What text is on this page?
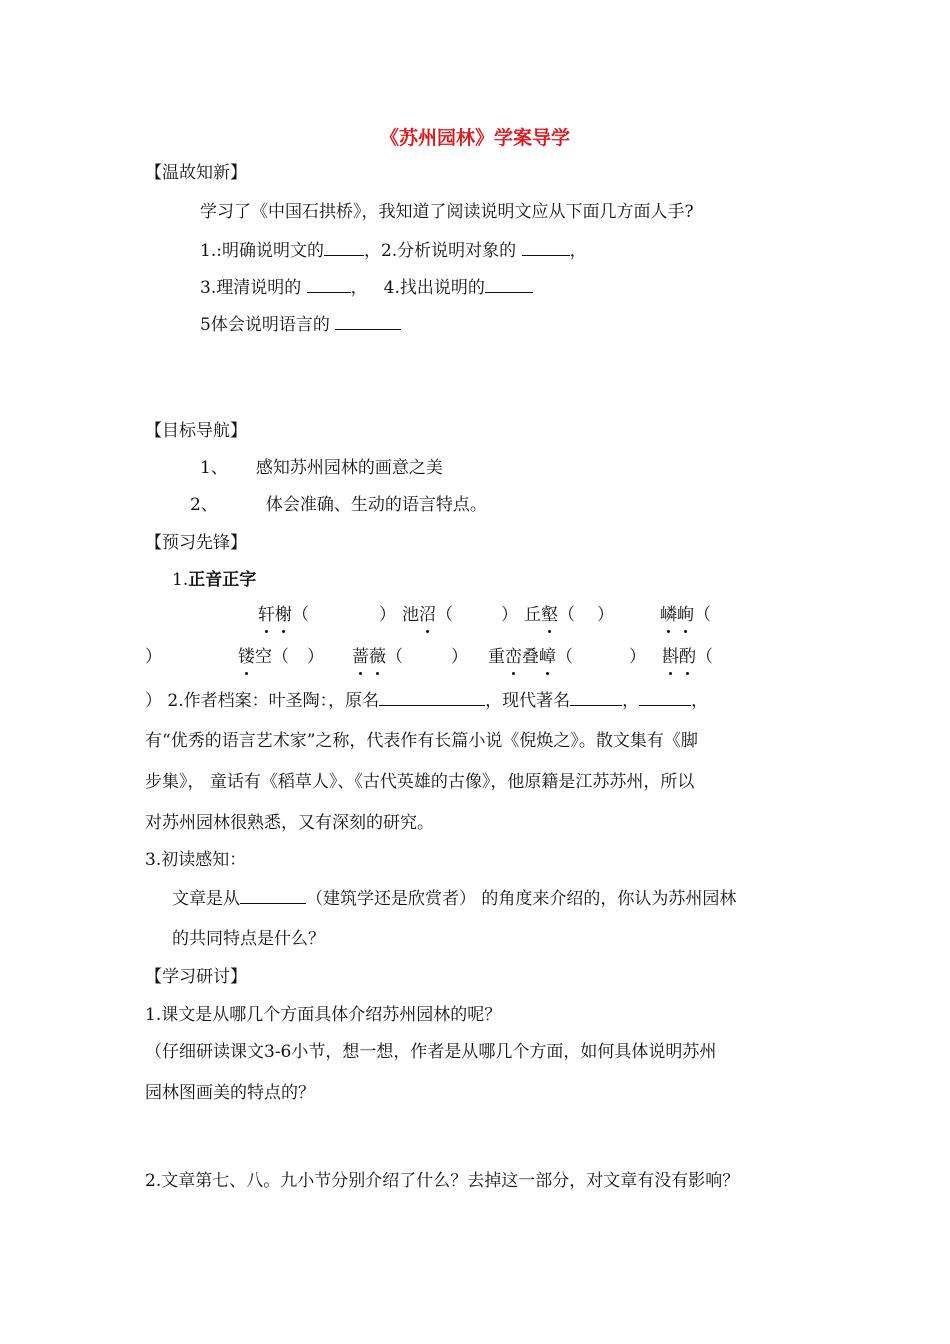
《苏州园林》学案导学
【温故知新】
学习了《中国石拱桥》，我知道了阅读说明文应从下面几方面人手?
1.:明确说明文的 ，2.分析说明对象的	，
3.理清说明的	， 4.找出说明的
5体会说明语言的
【目标导航】
1、 感知苏州园林的画意之美
2、	体会准确、生动的语言特点。
【预习先锋】
1.正音正字
轩榭（	） 池沼（	） 丘壑（ ）	嶙峋（
）	镂空（ ） 蔷薇（	） 重峦叠嶂（	） 斟酌（
） 2.作者档案：叶圣陶：，原名	，现代著名	，	，
有“优秀的语言艺术家”之称，代表作有长篇小说《倪焕之》。散文集有《脚
步集》， 童话有《稻草人》、《古代英雄的古像》，他原籍是江苏苏州，所以
对苏州园林很熟悉，又有深刻的研究。
3.初读感知：
文章是从	（建筑学还是欣赏者） 的角度来介绍的，你认为苏州园林
的共同特点是什么？
【学习研讨】
1.课文是从哪几个方面具体介绍苏州园林的呢？
（仔细研读课文3-6小节，想一想，作者是从哪几个方面，如何具体说明苏州
园林图画美的特点的？
2.文章第七、八。九小节分别介绍了什么？去掉这一部分，对文章有没有影响？
